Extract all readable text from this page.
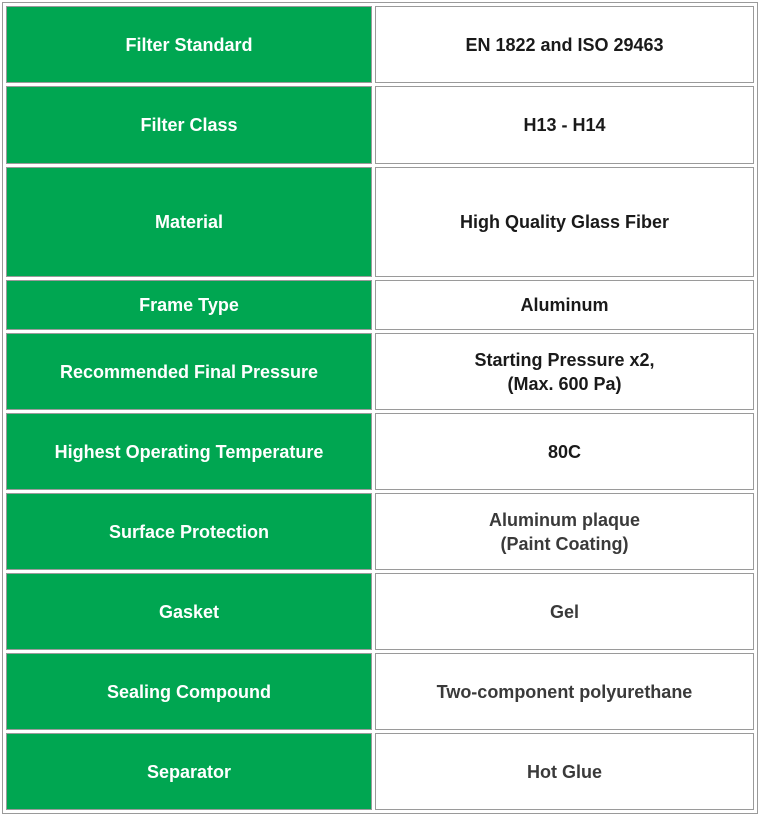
Filter Standard	EN 1822 and ISO 29463

Filter Class	H13 - H14

Material	High Quality Glass Fiber

Frame Type	Aluminum

Recommended Final Pressure	Starting Pressure x2,
(Max. 600 Pa)

Highest Operating Temperature	80C

Surface Protection	Aluminum plaque
(Paint Coating)

Gasket	Gel

Sealing Compound	Two-component polyurethane

Separator	Hot Glue
